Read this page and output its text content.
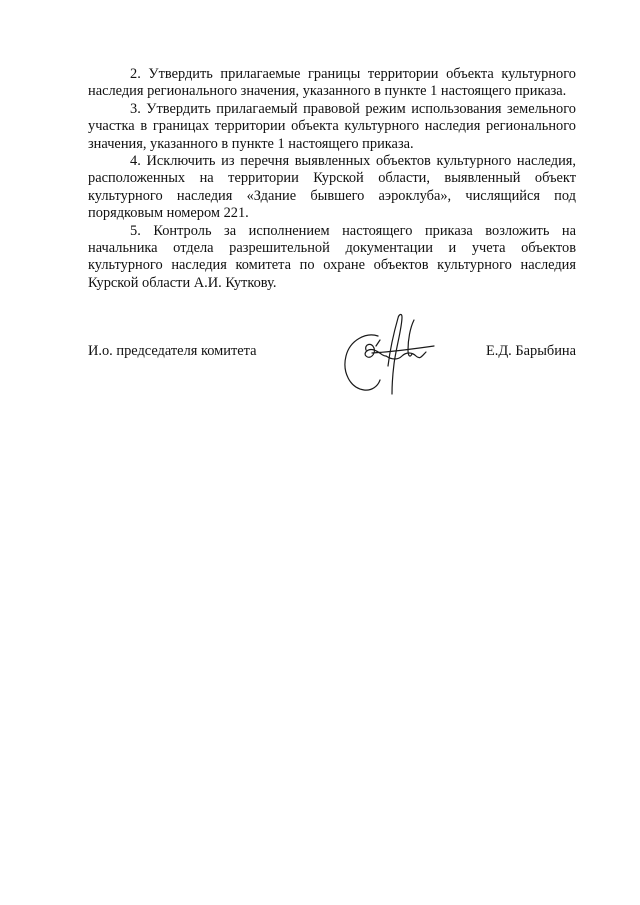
2. Утвердить прилагаемые границы территории объекта культурного наследия регионального значения, указанного в пункте 1 настоящего приказа.

3. Утвердить прилагаемый правовой режим использования земельного участка в границах территории объекта культурного наследия регионального значения, указанного в пункте 1 настоящего приказа.

4. Исключить из перечня выявленных объектов культурного наследия, расположенных на территории Курской области, выявленный объект культурного наследия «Здание бывшего аэроклуба», числящийся под порядковым номером 221.

5. Контроль за исполнением настоящего приказа возложить на начальника отдела разрешительной документации и учета объектов культурного наследия комитета по охране объектов культурного наследия Курской области А.И. Куткову.

И.о. председателя комитета	Е.Д. Барыбина
